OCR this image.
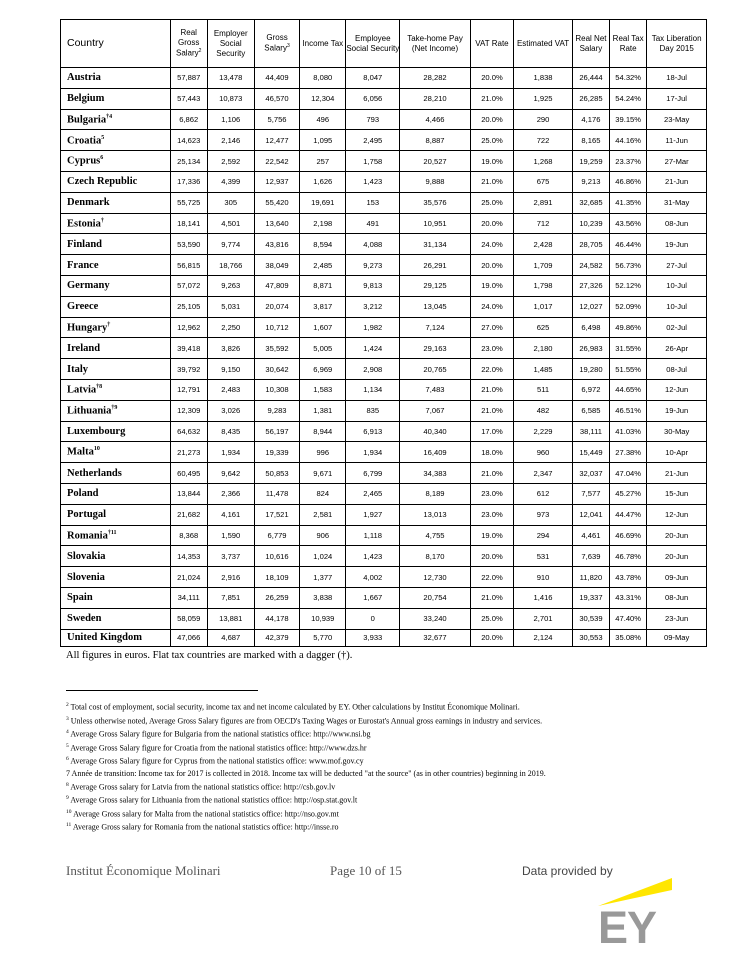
Country	Real Gross Salary$^2$	Employer Social Security	Gross Salary$^3$	Income Tax	Employee Social Security	Take-home Pay (Net Income)	VAT Rate	Estimated VAT	Real Net Salary	Real Tax Rate	Tax Liberation Day 2015
Austria	57,887	13,478	44,409	8,080	8,047	28,282	20.0%	1,838	26,444	54.32%	18-Jul
Belgium	57,443	10,873	46,570	12,304	6,056	28,210	21.0%	1,925	26,285	54.24%	17-Jul
Bulgaria$^{\dagger 4}$	6,862	1,106	5,756	496	793	4,466	20.0%	290	4,176	39.15%	23-May
Croatia$^5$	14,623	2,146	12,477	1,095	2,495	8,887	25.0%	722	8,165	44.16%	11-Jun
Cyprus$^6$	25,134	2,592	22,542	257	1,758	20,527	19.0%	1,268	19,259	23.37%	27-Mar
Czech Republic	17,336	4,399	12,937	1,626	1,423	9,888	21.0%	675	9,213	46.86%	21-Jun
Denmark	55,725	305	55,420	19,691	153	35,576	25.0%	2,891	32,685	41.35%	31-May
Estonia†	18,141	4,501	13,640	2,198	491	10,951	20.0%	712	10,239	43.56%	08-Jun
Finland	53,590	9,774	43,816	8,594	4,088	31,134	24.0%	2,428	28,705	46.44%	19-Jun
France	56,815	18,766	38,049	2,485	9,273	26,291	20.0%	1,709	24,582	56.73%	27-Jul
Germany	57,072	9,263	47,809	8,871	9,813	29,125	19.0%	1,798	27,326	52.12%	10-Jul
Greece	25,105	5,031	20,074	3,817	3,212	13,045	24.0%	1,017	12,027	52.09%	10-Jul
Hungary†	12,962	2,250	10,712	1,607	1,982	7,124	27.0%	625	6,498	49.86%	02-Jul
Ireland	39,418	3,826	35,592	5,005	1,424	29,163	23.0%	2,180	26,983	31.55%	26-Apr
Italy	39,792	9,150	30,642	6,969	2,908	20,765	22.0%	1,485	19,280	51.55%	08-Jul
Latvia$^{\dagger 8}$	12,791	2,483	10,308	1,583	1,134	7,483	21.0%	511	6,972	44.65%	12-Jun
Lithuania$^{\dagger 9}$	12,309	3,026	9,283	1,381	835	7,067	21.0%	482	6,585	46.51%	19-Jun
Luxembourg	64,632	8,435	56,197	8,944	6,913	40,340	17.0%	2,229	38,111	41.03%	30-May
Malta$^{10}$	21,273	1,934	19,339	996	1,934	16,409	18.0%	960	15,449	27.38%	10-Apr
Netherlands	60,495	9,642	50,853	9,671	6,799	34,383	21.0%	2,347	32,037	47.04%	21-Jun
Poland	13,844	2,366	11,478	824	2,465	8,189	23.0%	612	7,577	45.27%	15-Jun
Portugal	21,682	4,161	17,521	2,581	1,927	13,013	23.0%	973	12,041	44.47%	12-Jun
Romania$^{\dagger 11}$	8,368	1,590	6,779	906	1,118	4,755	19.0%	294	4,461	46.69%	20-Jun
Slovakia	14,353	3,737	10,616	1,024	1,423	8,170	20.0%	531	7,639	46.78%	20-Jun
Slovenia	21,024	2,916	18,109	1,377	4,002	12,730	22.0%	910	11,820	43.78%	09-Jun
Spain	34,111	7,851	26,259	3,838	1,667	20,754	21.0%	1,416	19,337	43.31%	08-Jun
Sweden	58,059	13,881	44,178	10,939	0	33,240	25.0%	2,701	30,539	47.40%	23-Jun
United Kingdom	47,066	4,687	42,379	5,770	3,933	32,677	20.0%	2,124	30,553	35.08%	09-May
All figures in euros. Flat tax countries are marked with a dagger (†).
$^2$ Total cost of employment, social security, income tax and net income calculated by EY. Other calculations by Institut Économique Molinari.
$^3$ Unless otherwise noted, Average Gross Salary figures are from OECD's Taxing Wages or Eurostat's Annual gross earnings in industry and services.
$^4$ Average Gross Salary figure for Bulgaria from the national statistics office: http://www.nsi.bg
$^5$ Average Gross Salary figure for Croatia from the national statistics office: http://www.dzs.hr
$^6$ Average Gross Salary figure for Cyprus from the national statistics office: www.mof.gov.cy
7 Année de transition: Income tax for 2017 is collected in 2018. Income tax will be deducted "at the source" (as in other countries) beginning in 2019.
$^8$ Average Gross salary for Latvia from the national statistics office: http://csb.gov.lv
$^9$ Average Gross salary for Lithuania from the national statistics office: http://osp.stat.gov.lt
$^{10}$ Average Gross salary for Malta from the national statistics office: http://nso.gov.mt
$^{11}$ Average Gross salary for Romania from the national statistics office: http://insse.ro
Institut Économique Molinari	Page 10 of 15	Data provided by
EY
